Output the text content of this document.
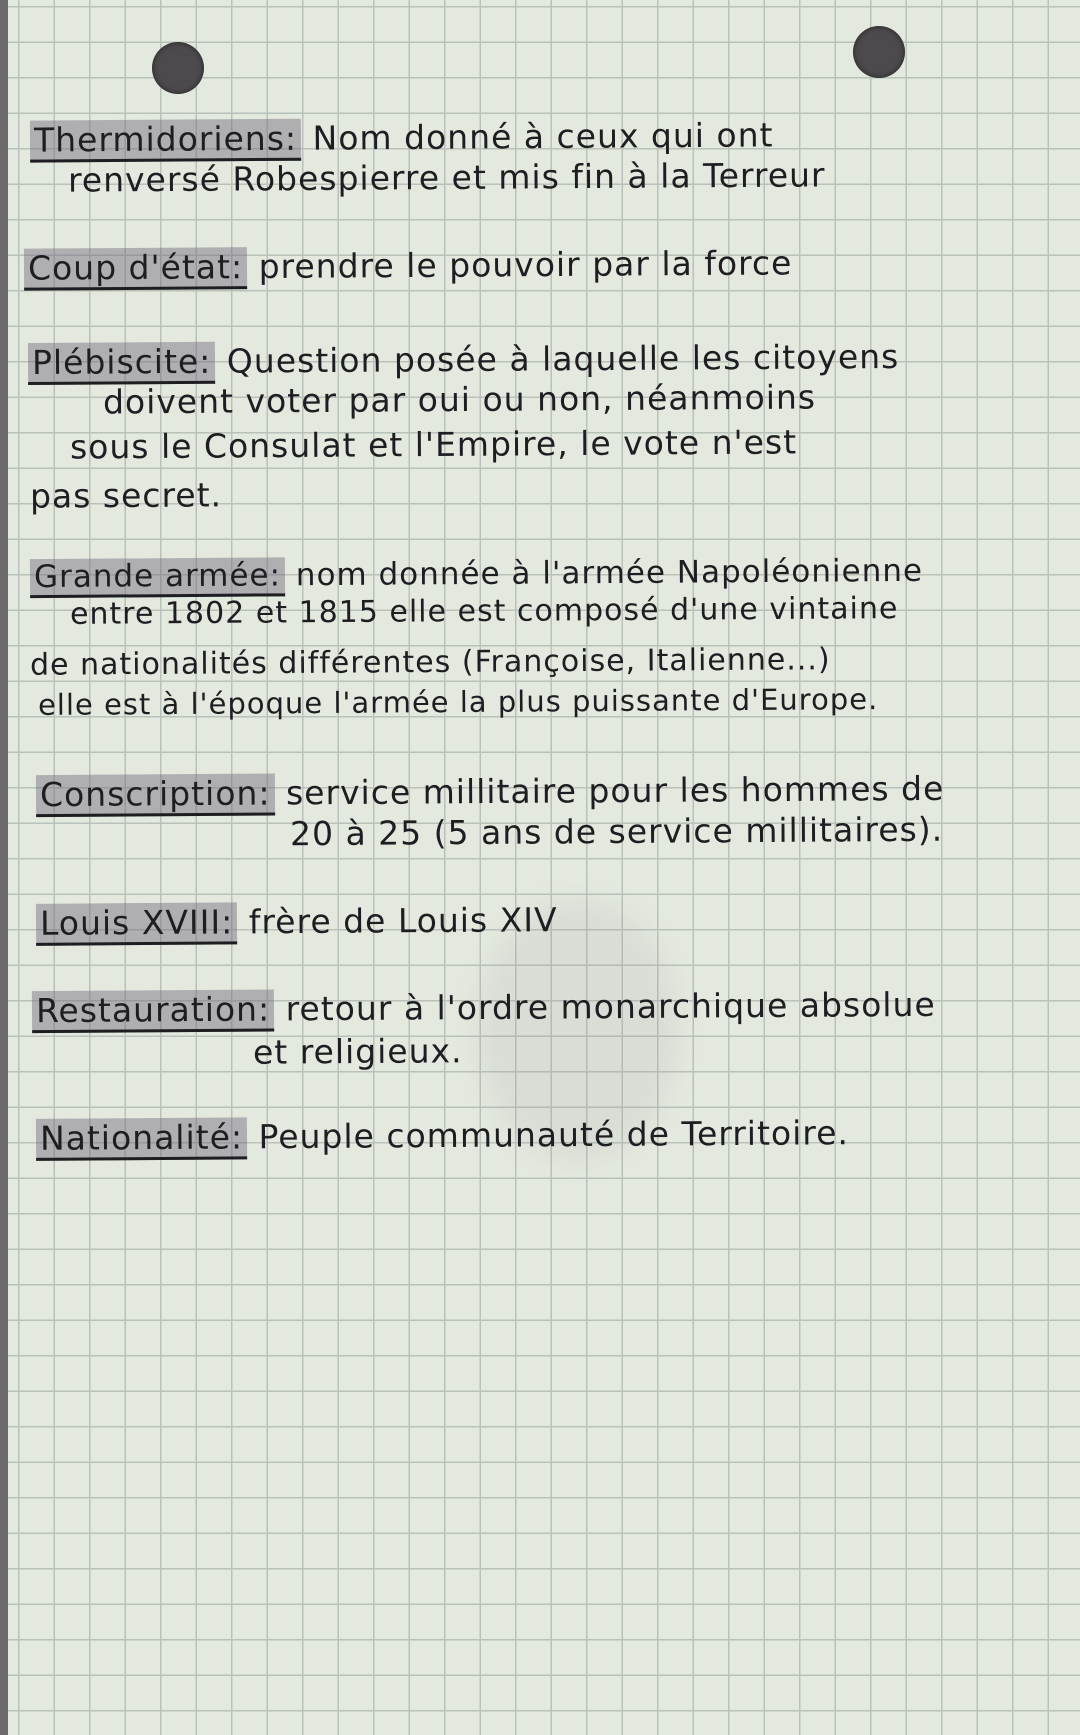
Thermidoriens: Nom donné à ceux qui ont
renversé Robespierre et mis fin à la Terreur
Coup d'état: prendre le pouvoir par la force
Plébiscite: Question posée à laquelle les citoyens
doivent voter par oui ou non, néanmoins
sous le Consulat et l'Empire, le vote n'est
pas secret.
Grande armée: nom donnée à l'armée Napoléonienne
entre 1802 et 1815 elle est composé d'une vintaine
de nationalités différentes (Françoise, Italienne...)
elle est à l'époque l'armée la plus puissante d'Europe.
Conscription: service millitaire pour les hommes de
20 à 25 (5 ans de service millitaires).
Louis XVIII: frère de Louis XIV
Restauration: retour à l'ordre monarchique absolue
et religieux.
Nationalité: Peuple communauté de Territoire.
